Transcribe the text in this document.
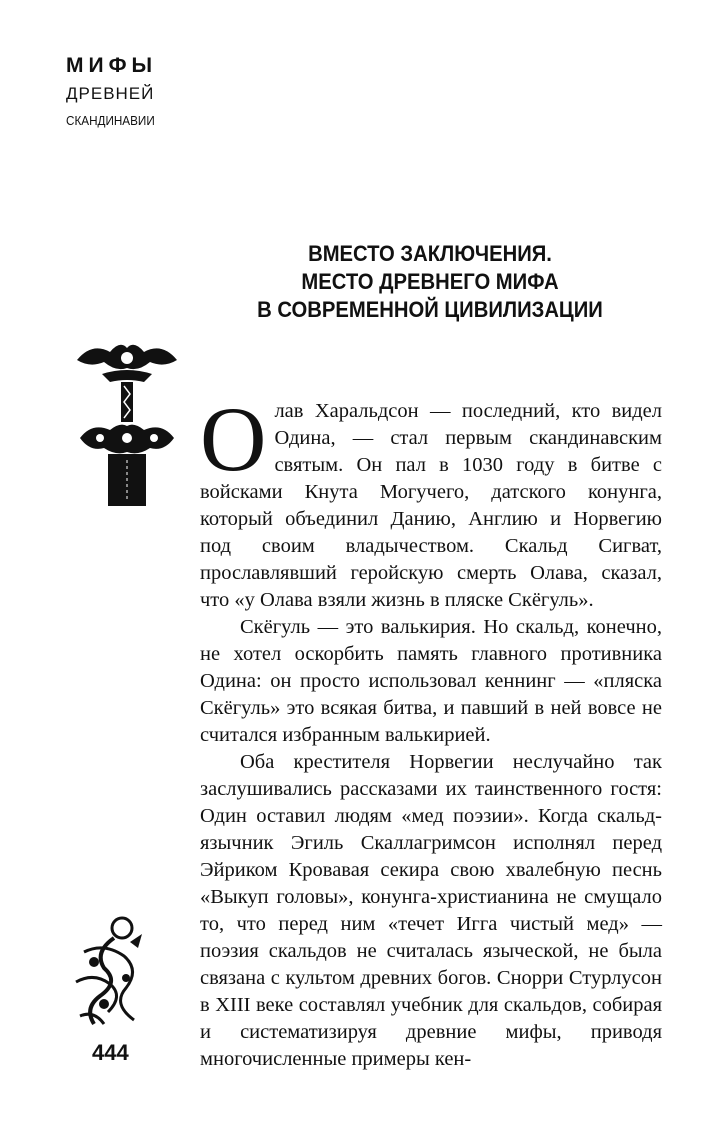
МИФЫ
ДРЕВНЕЙ
СКАНДИНАВИИ
ВМЕСТО ЗАКЛЮЧЕНИЯ.
МЕСТО ДРЕВНЕГО МИФА
В СОВРЕМЕННОЙ ЦИВИЛИЗАЦИИ

Олав Харальдсон — последний, кто видел Одина, — стал первым скандинавским святым. Он пал в 1030 году в битве с войсками Кнута Могучего, датского конунга, который объединил Данию, Англию и Норвегию под своим владычеством. Скальд Сигват, прославлявший геройскую смерть Олава, сказал, что «у Олава взяли жизнь в пляске Скёгуль».

Скёгуль — это валькирия. Но скальд, конечно, не хотел оскорбить память главного противника Одина: он просто использовал кеннинг — «пляска Скёгуль» это всякая битва, и павший в ней вовсе не считался избранным валькирией.

Оба крестителя Норвегии неслучайно так заслушивались рассказами их таинственного гостя: Один оставил людям «мед поэзии». Когда скальд-язычник Эгиль Скаллагримсон исполнял перед Эйриком Кровавая секира свою хвалебную песнь «Выкуп головы», конунга-христианина не смущало то, что перед ним «течет Игга чистый мед» — поэзия скальдов не считалась языческой, не была связана с культом древних богов. Снорри Стурлусон в XIII веке составлял учебник для скальдов, собирая и систематизируя древние мифы, приводя многочисленные примеры кен-

444
